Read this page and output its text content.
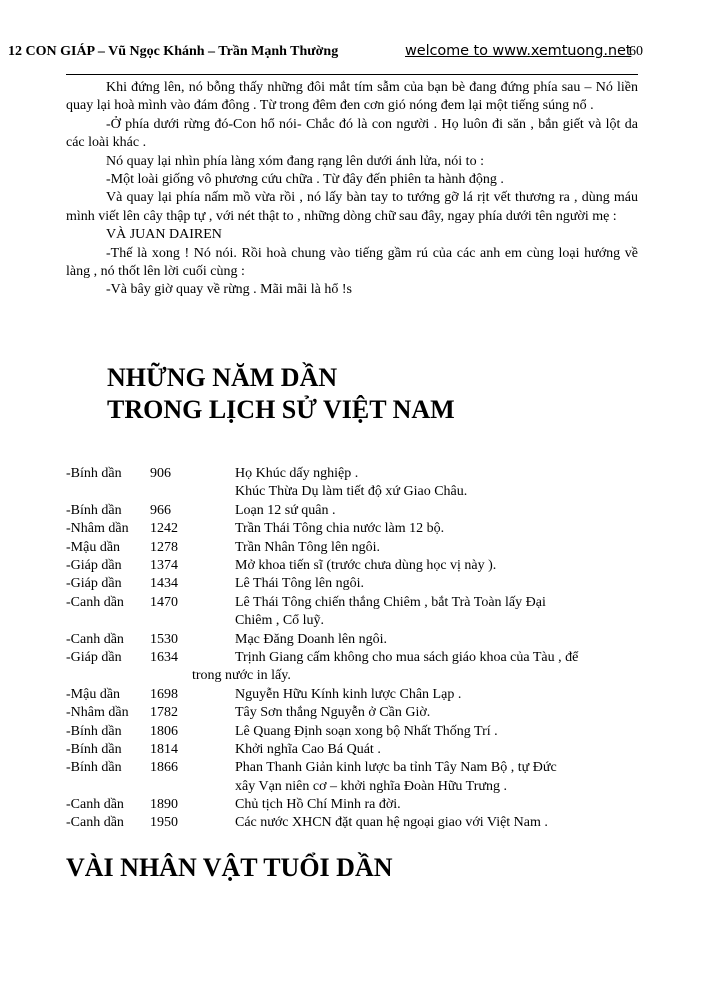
12 CON GIÁP – Vũ Ngọc Khánh – Trần Mạnh Thường	welcome to www.xemtuong.net
60

Khi đứng lên, nó bỗng thấy những đôi mắt tím sẫm của bạn bè đang đứng phía sau – Nó liền quay lại hoà mình vào đám đông . Từ trong đêm đen cơn gió nóng đem lại một tiếng súng nổ .

-Ở phía dưới rừng đó-Con hổ nói- Chắc đó là con người . Họ luôn đi săn , bắn giết và lột da các loài khác .

Nó quay lại nhìn phía làng xóm đang rạng lên dưới ánh lửa, nói to :

-Một loài giống vô phương cứu chữa . Từ đây đến phiên ta hành động .

Và quay lại phía nấm mồ vừa rồi , nó lấy bàn tay to tướng gỡ lá rịt vết thương ra , dùng máu mình viết lên cây thập tự , với nét thật to , những dòng chữ sau đây, ngay phía dưới tên người mẹ :

VÀ JUAN DAIREN

-Thế là xong ! Nó nói. Rồi hoà chung vào tiếng gầm rú của các anh em cùng loại hướng về làng , nó thốt lên lời cuối cùng :

-Và bây giờ quay về rừng . Mãi mãi là hổ !s

NHỮNG NĂM DẦN
TRONG LỊCH SỬ VIỆT NAM
-Bính dần 906	Họ Khúc dấy nghiệp .
Khúc Thừa Dụ làm tiết độ xứ Giao Châu.
-Bính dần 966	Loạn 12 sứ quân .
-Nhâm dần 1242	Trần Thái Tông chia nước làm 12 bộ.
-Mậu dần 1278	Trần Nhân Tông lên ngôi.
-Giáp dần 1374	Mở khoa tiến sĩ (trước chưa dùng học vị này ).
-Giáp dần 1434	Lê Thái Tông lên ngôi.
-Canh dần 1470	Lê Thái Tông chiến thắng Chiêm , bắt Trà Toàn lấy Đại
Chiêm , Cổ luỹ.
-Canh dần 1530	Mạc Đăng Doanh lên ngôi.
-Giáp dần 1634	Trịnh Giang cấm không cho mua sách giáo khoa của Tàu , để
trong nước in lấy.
-Mậu dần 1698	Nguyễn Hữu Kính kinh lược Chân Lạp .
-Nhâm dần 1782	Tây Sơn thắng Nguyễn ở Cần Giờ.
-Bính dần 1806	Lê Quang Định soạn xong bộ Nhất Thống Trí .
-Bính dần 1814	Khởi nghĩa Cao Bá Quát .
-Bính dần 1866	Phan Thanh Giản kinh lược ba tỉnh Tây Nam Bộ , tự Đức
xây Vạn niên cơ – khởi nghĩa Đoàn Hữu Trưng .
-Canh dần 1890	Chủ tịch Hồ Chí Minh ra đời.
-Canh dần 1950	Các nước XHCN đặt quan hệ ngoại giao với Việt Nam .
VÀI NHÂN VẬT TUỔI DẦN
